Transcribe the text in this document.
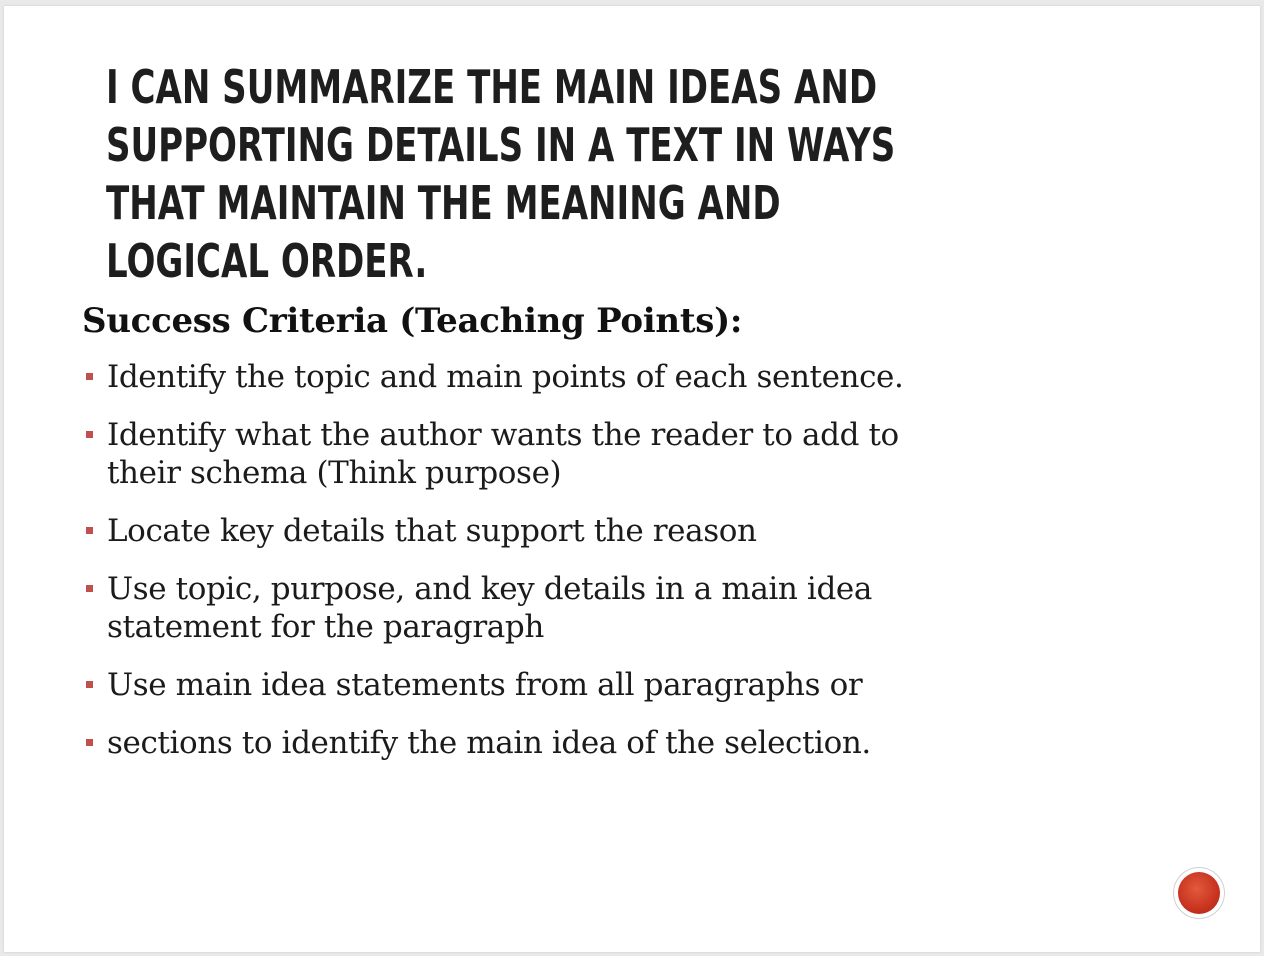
I CAN SUMMARIZE THE MAIN IDEAS AND SUPPORTING DETAILS IN A TEXT IN WAYS THAT MAINTAIN THE MEANING AND LOGICAL ORDER.
Success Criteria (Teaching Points):
Identify the topic and main points of each sentence.
Identify what the author wants the reader to add to their schema (Think purpose)
Locate key details that support the reason
Use topic, purpose, and key details in a main idea statement for the paragraph
Use main idea statements from all paragraphs or
sections to identify the main idea of the selection.
